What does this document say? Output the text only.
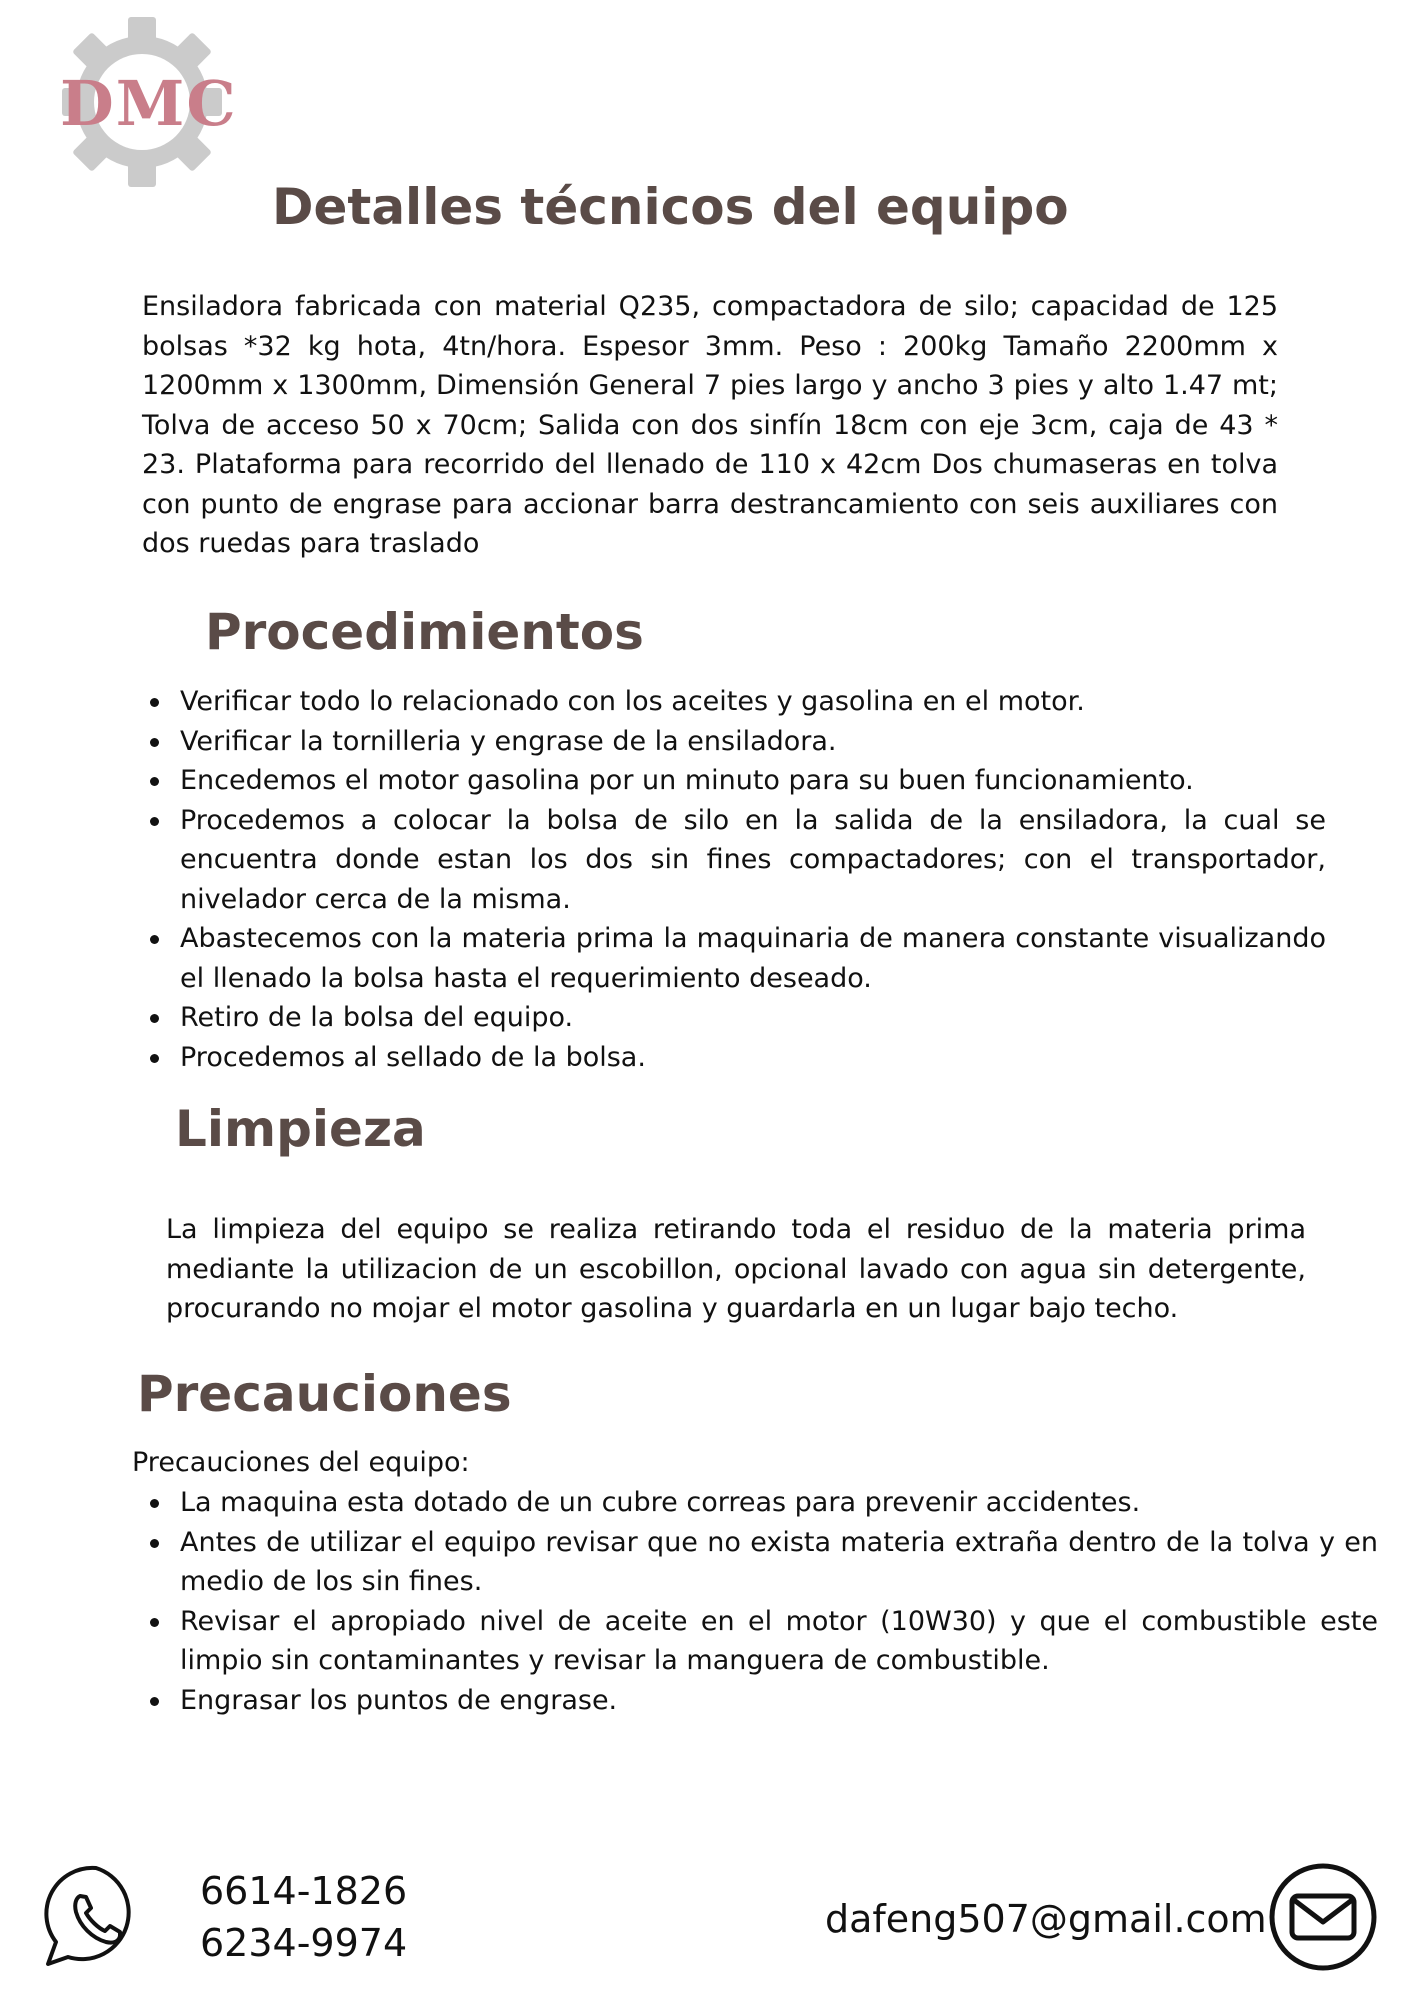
DMC
Detalles técnicos del equipo

Ensiladora fabricada con material Q235, compactadora de silo; capacidad de 125 bolsas *32 kg hota, 4tn/hora. Espesor 3mm. Peso : 200kg Tamaño 2200mm x 1200mm x 1300mm, Dimensión General 7 pies largo y ancho 3 pies y alto 1.47 mt; Tolva de acceso 50 x 70cm; Salida con dos sinfín 18cm con eje 3cm, caja de 43 * 23. Plataforma para recorrido del llenado de 110 x 42cm Dos chumaseras en tolva con punto de engrase para accionar barra destrancamiento con seis auxiliares con dos ruedas para traslado

Procedimientos
Verificar todo lo relacionado con los aceites y gasolina en el motor.
Verificar la tornilleria y engrase de la ensiladora.
Encedemos el motor gasolina por un minuto para su buen funcionamiento.
Procedemos a colocar la bolsa de silo en la salida de la ensiladora, la cual se encuentra donde estan los dos sin fines compactadores; con el transportador, nivelador cerca de la misma.
Abastecemos con la materia prima la maquinaria de manera constante visualizando el llenado la bolsa hasta el requerimiento deseado.
Retiro de la bolsa del equipo.
Procedemos al sellado de la bolsa.
Limpieza

La limpieza del equipo se realiza retirando toda el residuo de la materia prima mediante la utilizacion de un escobillon, opcional lavado con agua sin detergente, procurando no mojar el motor gasolina y guardarla en un lugar bajo techo.

Precauciones

Precauciones del equipo:

La maquina esta dotado de un cubre correas para prevenir accidentes.
Antes de utilizar el equipo revisar que no exista materia extraña dentro de la tolva y en medio de los sin fines.
Revisar el apropiado nivel de aceite en el motor (10W30) y que el combustible este limpio sin contaminantes y revisar la manguera de combustible.
Engrasar los puntos de engrase.
6614-1826
6234-9974
dafeng507@gmail.com
